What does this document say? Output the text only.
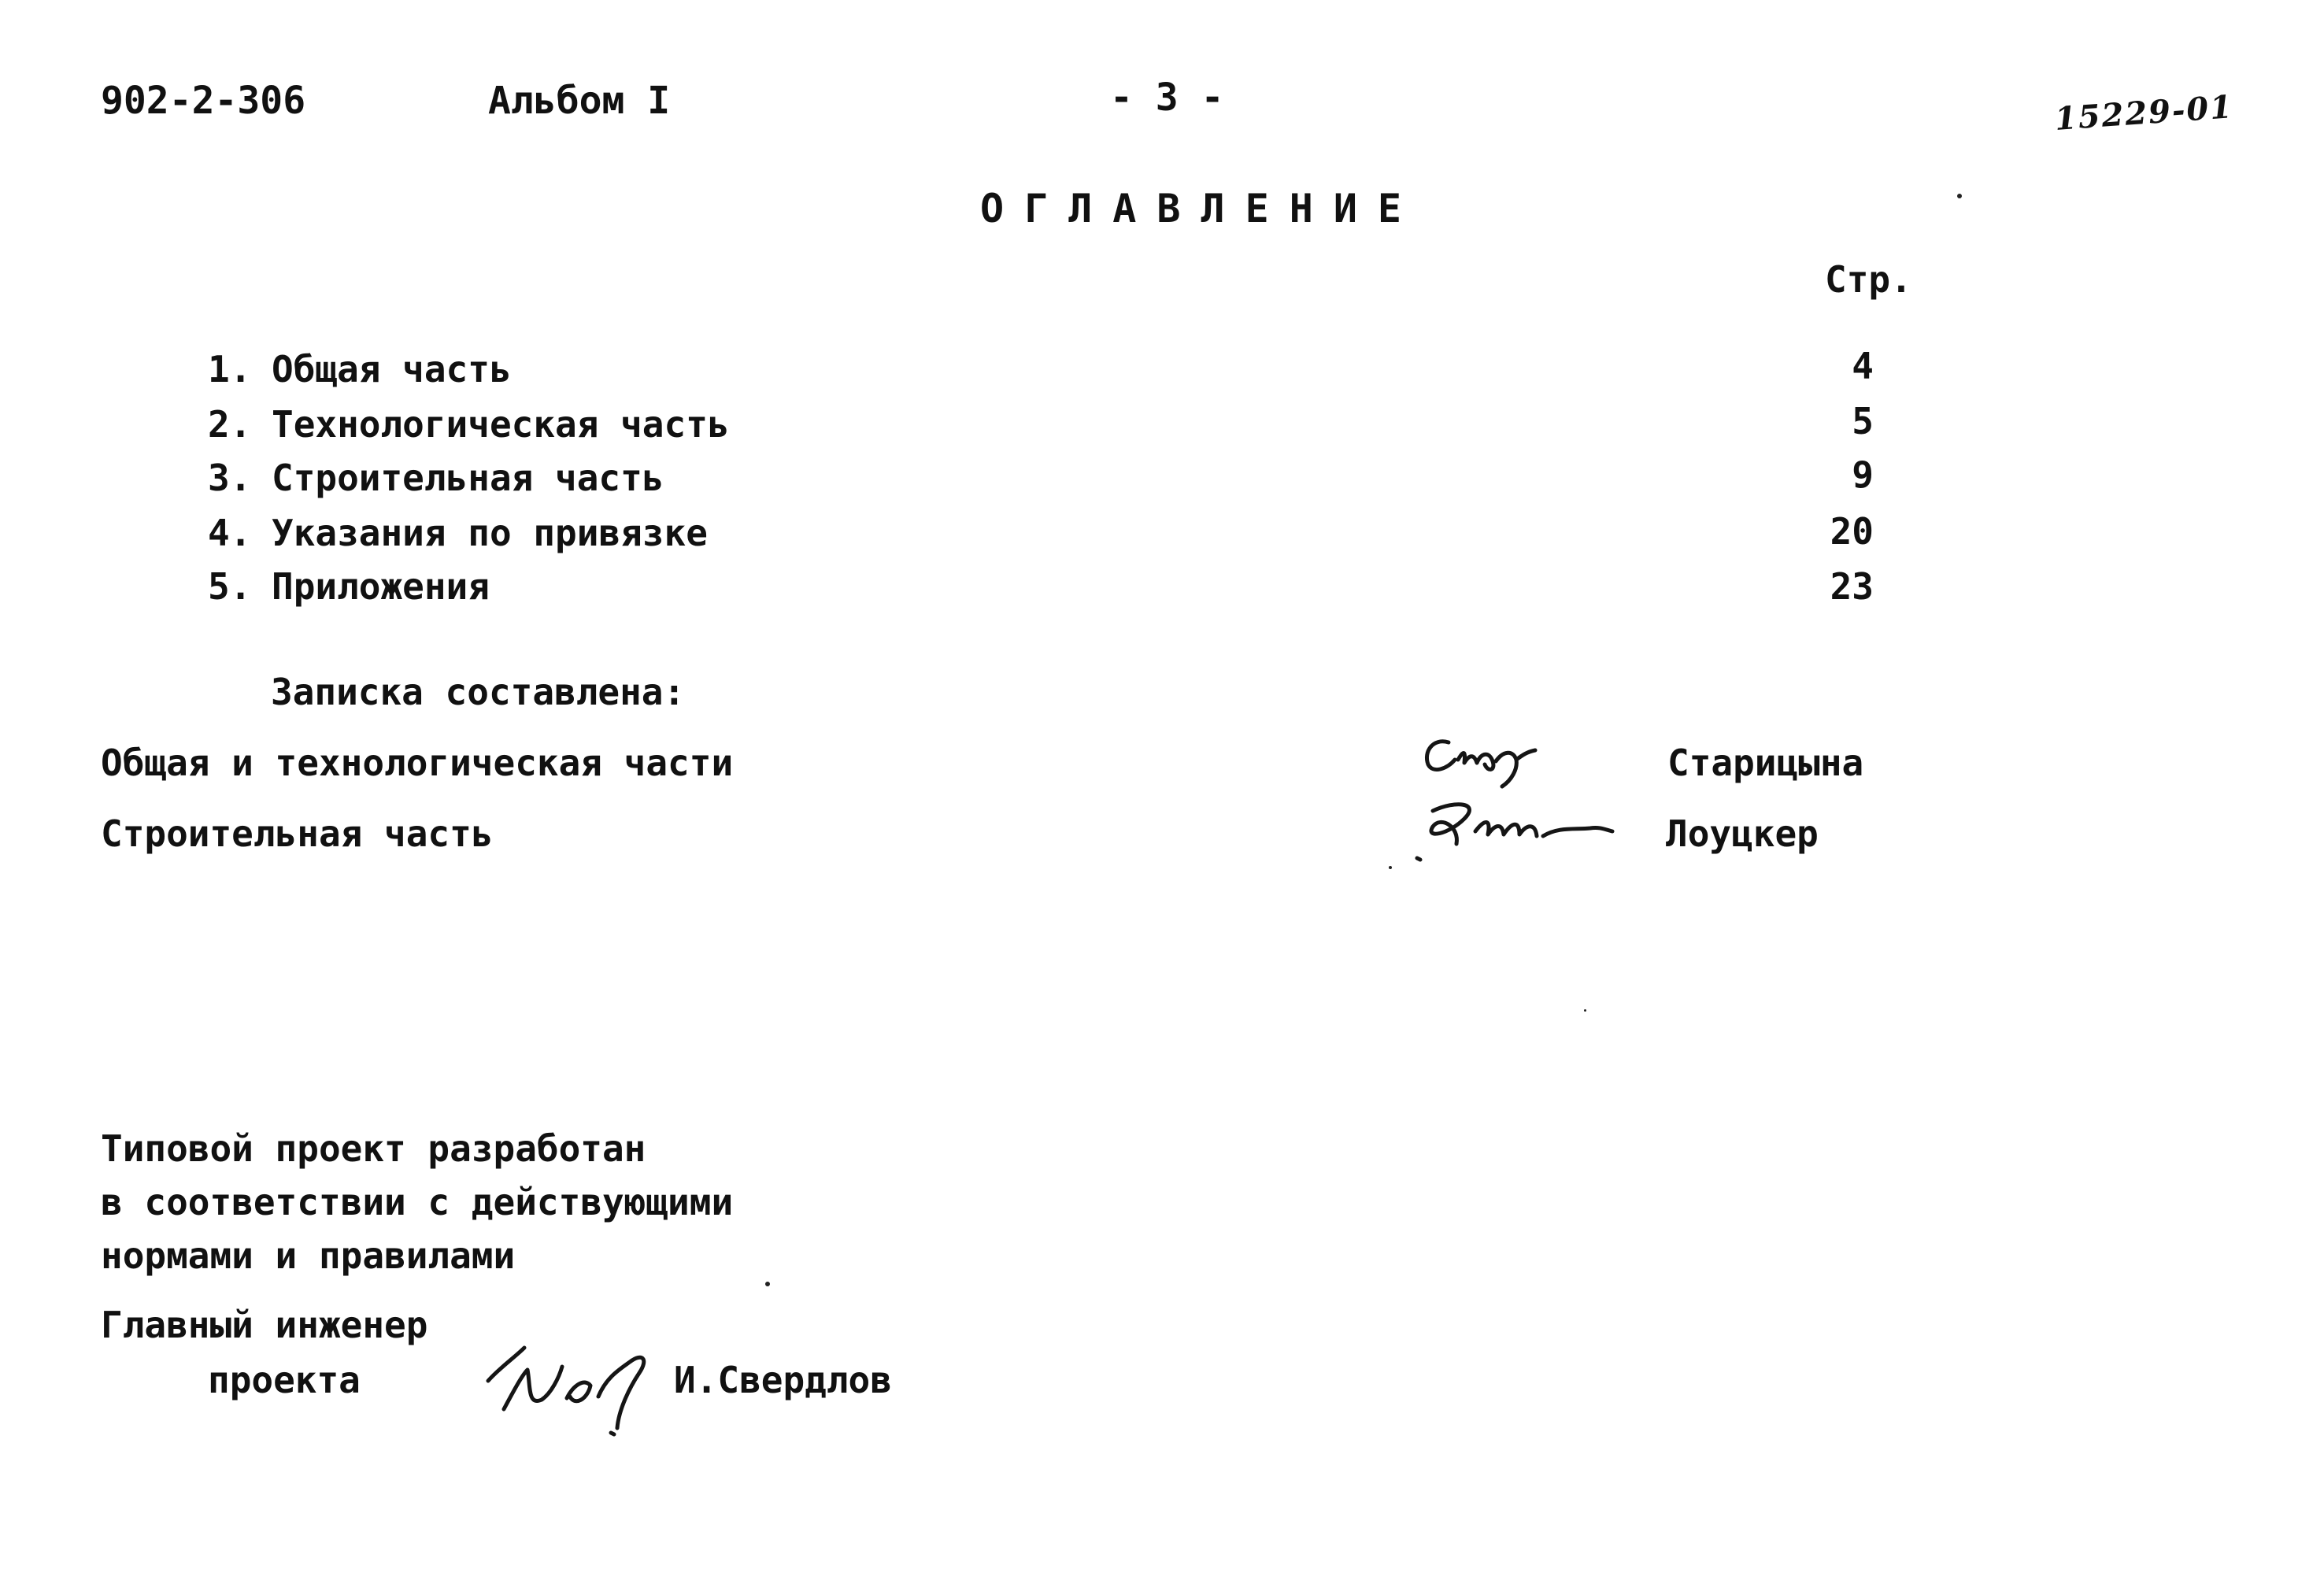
902-2-306	Альбом I	- 3 -	15229-01
ОГЛАВЛЕНИЕ
Стр.
1. Общая часть	4
2. Технологическая часть	5
3. Строительная часть	9
4. Указания по привязке	20
5. Приложения	23
Записка составлена:
Общая и технологическая части	Старицына
Строительная часть	Лоуцкер
Типовой проект разработан
в соответствии с действующими
нормами и правилами
Главный инженер
проекта	И.Свердлов
